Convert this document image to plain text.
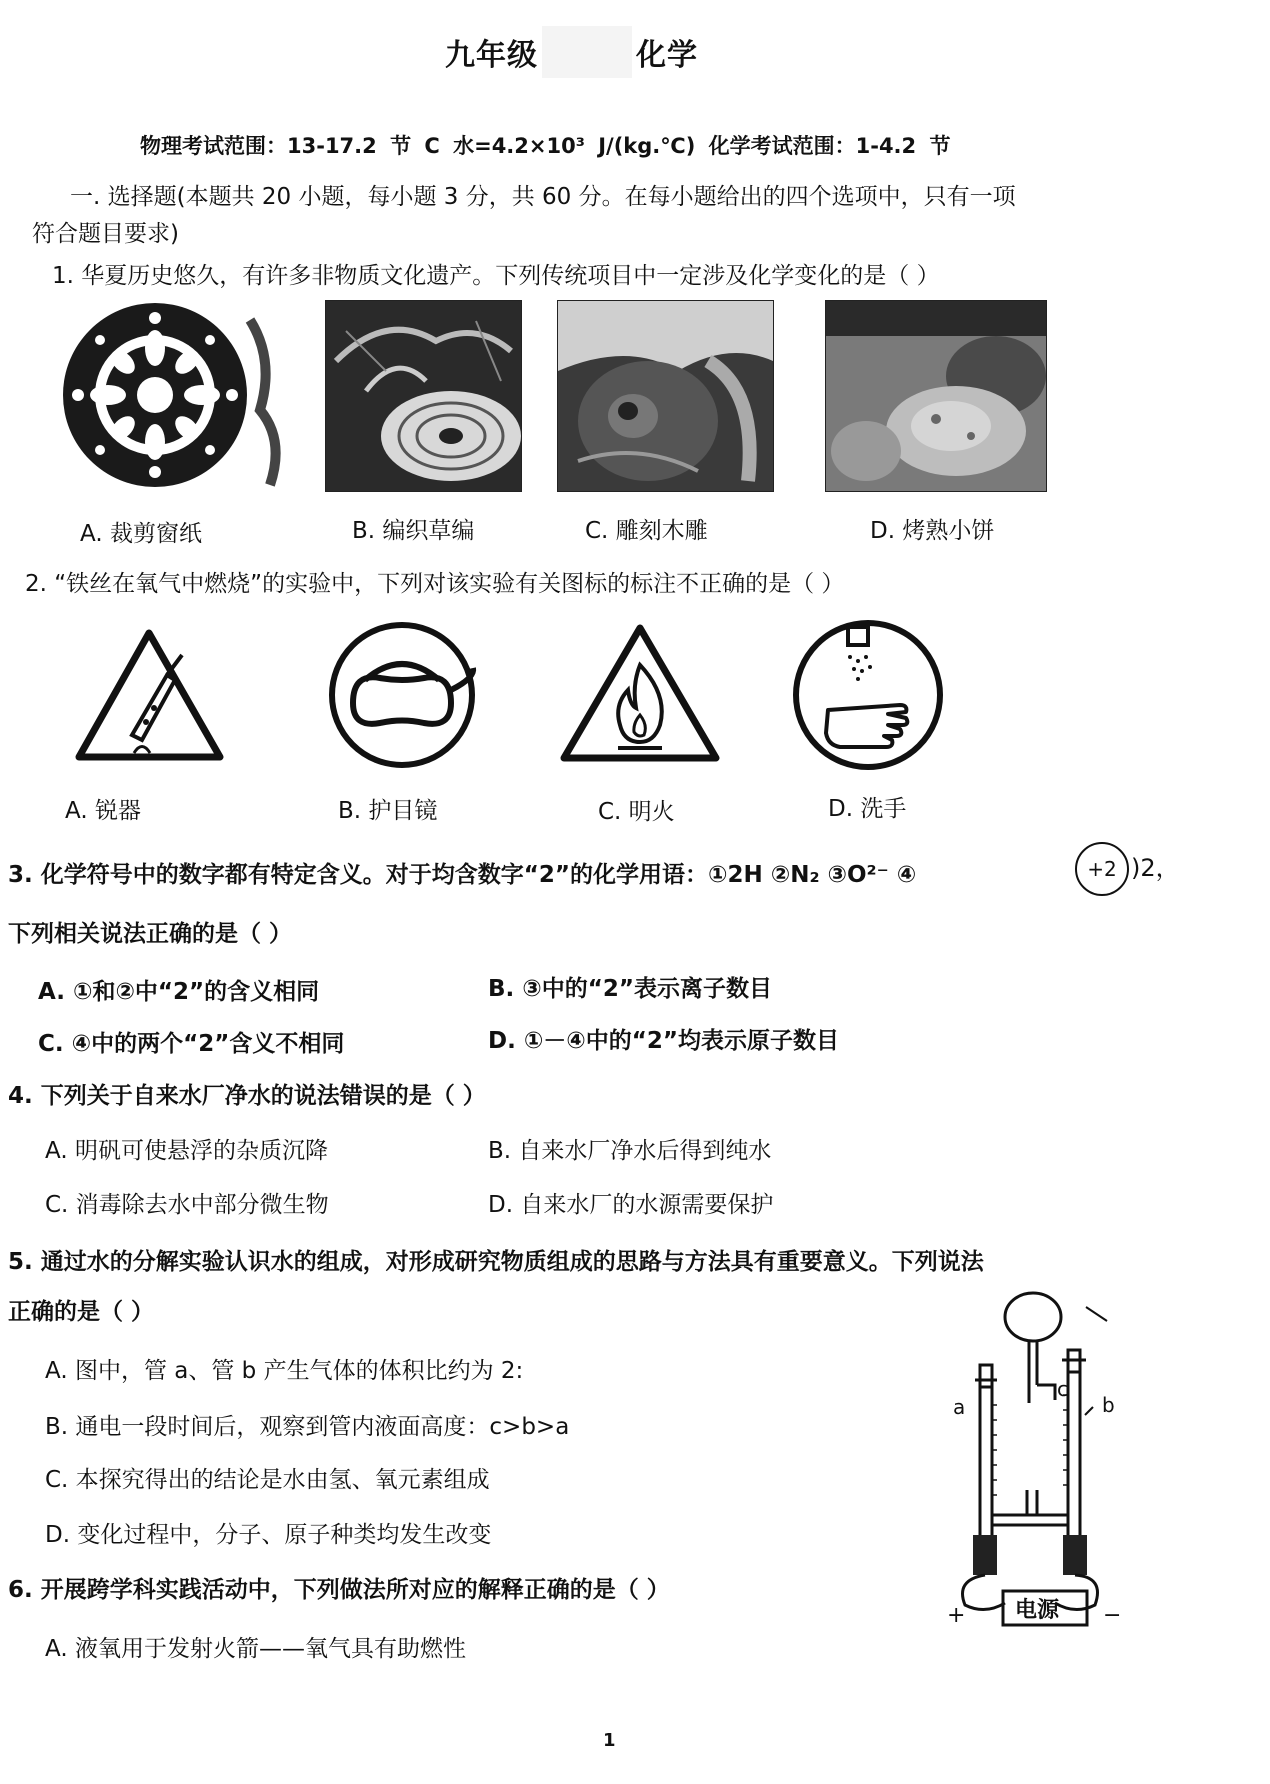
九年级	化学
物理考试范围：13-17.2 节 C 水=4.2×10³ J/(kg.℃) 化学考试范围：1-4.2 节
一. 选择题(本题共 20 小题，每小题 3 分，共 60 分。在每小题给出的四个选项中，只有一项
符合题目要求)
1. 华夏历史悠久，有许多非物质文化遗产。下列传统项目中一定涉及化学变化的是（ ）
A. 裁剪窗纸	B. 编织草编	C. 雕刻木雕	D. 烤熟小饼
2. “铁丝在氧气中燃烧”的实验中，下列对该实验有关图标的标注不正确的是（ ）
A. 锐器	B. 护目镜	C. 明火	D. 洗手
3. 化学符号中的数字都有特定含义。对于均含数字“2”的化学用语：①2H ②N₂ ③O²⁻ ④	+2 )2，
下列相关说法正确的是（ ）
A. ①和②中“2”的含义相同	B. ③中的“2”表示离子数目
C. ④中的两个“2”含义不相同	D. ①－④中的“2”均表示原子数目
4. 下列关于自来水厂净水的说法错误的是（ ）
A. 明矾可使悬浮的杂质沉降	B. 自来水厂净水后得到纯水
C. 消毒除去水中部分微生物	D. 自来水厂的水源需要保护
5. 通过水的分解实验认识水的组成，对形成研究物质组成的思路与方法具有重要意义。下列说法
正确的是（ ）
A. 图中，管 a、管 b 产生气体的体积比约为 2:
B. 通电一段时间后，观察到管内液面高度：c>b>a
C. 本探究得出的结论是水由氢、氧元素组成
D. 变化过程中，分子、原子种类均发生改变
a	b
c
电源
+	−
6. 开展跨学科实践活动中，下列做法所对应的解释正确的是（ ）
A. 液氧用于发射火箭——氧气具有助燃性
1
